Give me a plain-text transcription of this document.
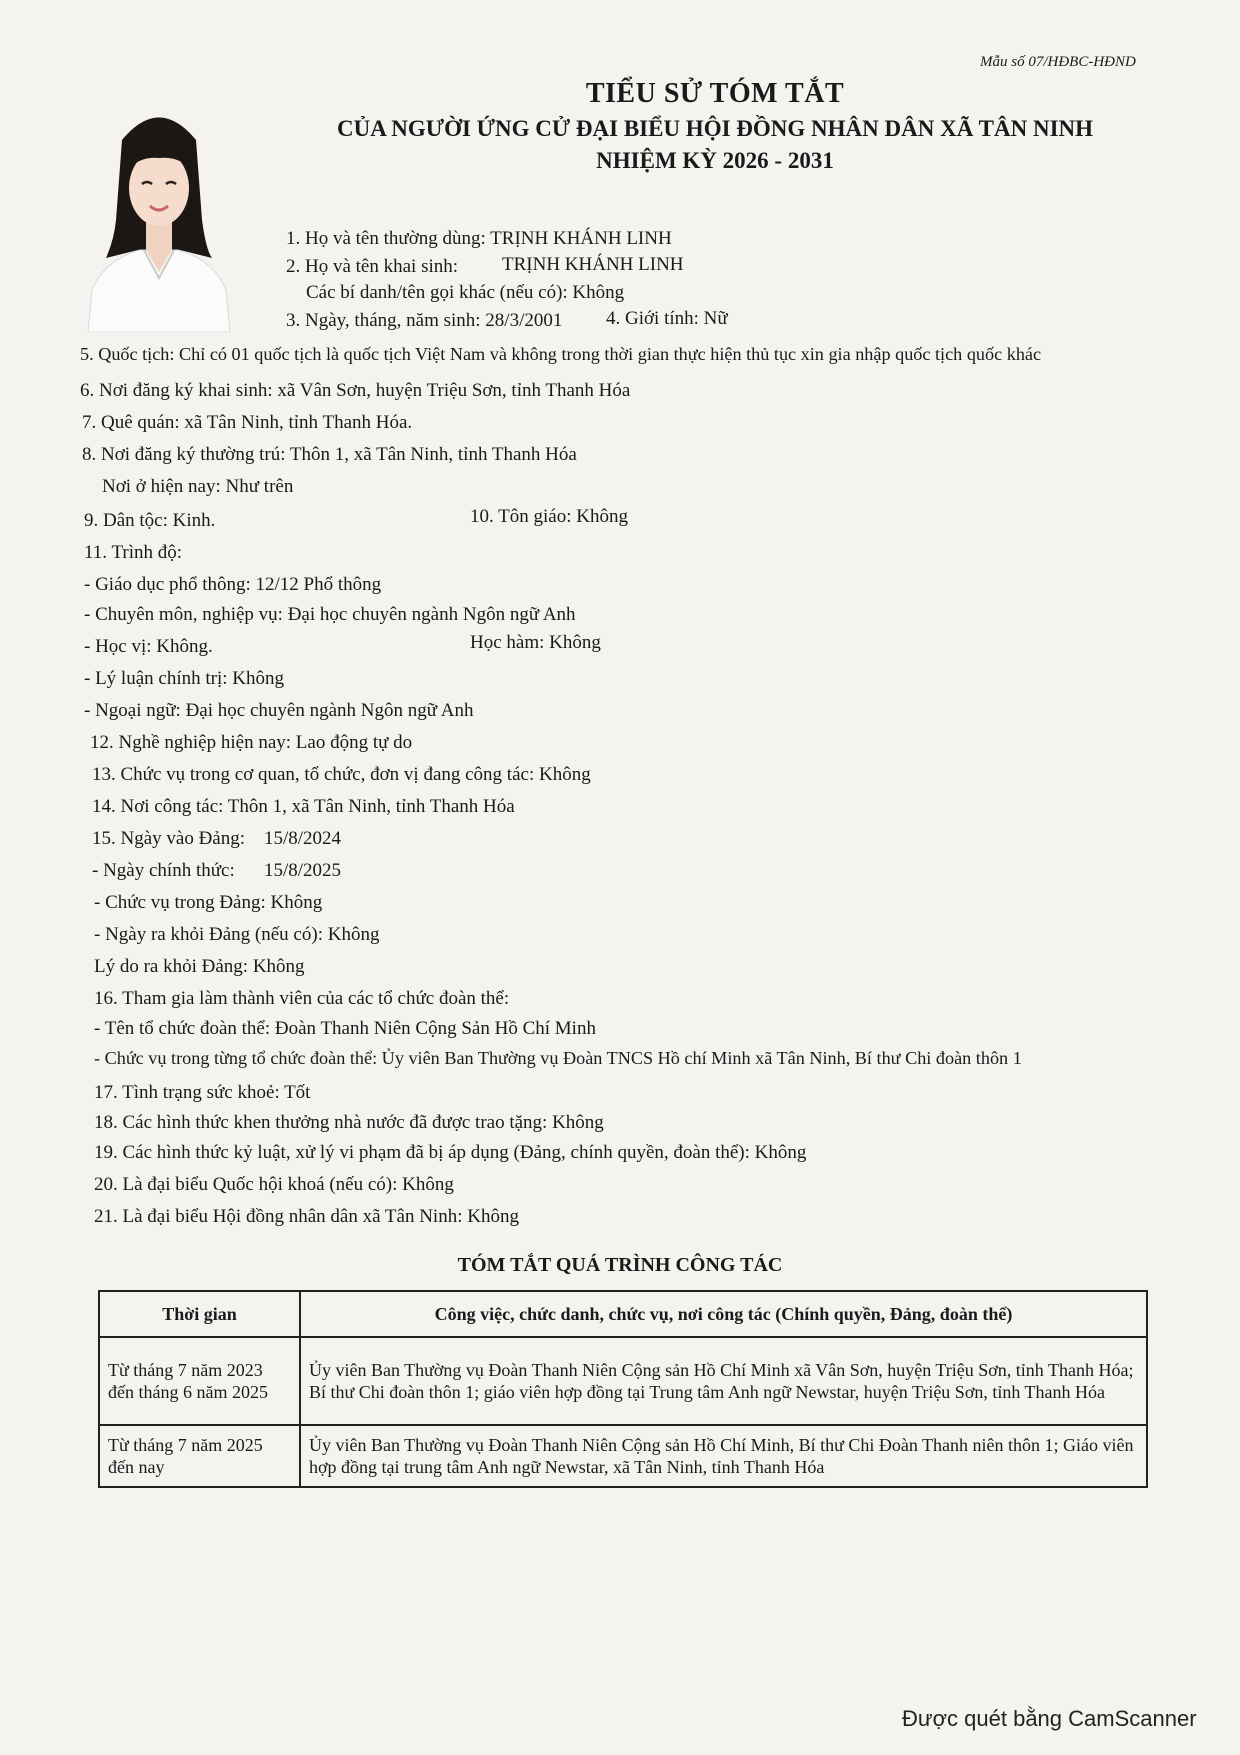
Mẫu số 07/HĐBC-HĐND
TIỂU SỬ TÓM TẮT
CỦA NGƯỜI ỨNG CỬ ĐẠI BIỂU HỘI ĐỒNG NHÂN DÂN XÃ TÂN NINH
NHIỆM KỲ 2026 - 2031
1. Họ và tên thường dùng: TRỊNH KHÁNH LINH
2. Họ và tên khai sinh: TRỊNH KHÁNH LINH
Các bí danh/tên gọi khác (nếu có): Không
3. Ngày, tháng, năm sinh: 28/3/2001 4. Giới tính: Nữ
5. Quốc tịch: Chỉ có 01 quốc tịch là quốc tịch Việt Nam và không trong thời gian thực hiện thủ tục xin gia nhập quốc tịch quốc khác
6. Nơi đăng ký khai sinh: xã Vân Sơn, huyện Triệu Sơn, tỉnh Thanh Hóa
7. Quê quán: xã Tân Ninh, tỉnh Thanh Hóa.
8. Nơi đăng ký thường trú: Thôn 1, xã Tân Ninh, tỉnh Thanh Hóa
Nơi ở hiện nay: Như trên
9. Dân tộc: Kinh.	10. Tôn giáo: Không
11. Trình độ:
- Giáo dục phổ thông: 12/12 Phổ thông
- Chuyên môn, nghiệp vụ: Đại học chuyên ngành Ngôn ngữ Anh
- Học vị: Không.	Học hàm: Không
- Lý luận chính trị: Không
- Ngoại ngữ: Đại học chuyên ngành Ngôn ngữ Anh
12. Nghề nghiệp hiện nay: Lao động tự do
13. Chức vụ trong cơ quan, tổ chức, đơn vị đang công tác: Không
14. Nơi công tác: Thôn 1, xã Tân Ninh, tỉnh Thanh Hóa
15. Ngày vào Đảng: 15/8/2024
- Ngày chính thức: 15/8/2025
- Chức vụ trong Đảng: Không
- Ngày ra khỏi Đảng (nếu có): Không
Lý do ra khỏi Đảng: Không
16. Tham gia làm thành viên của các tổ chức đoàn thể:
- Tên tổ chức đoàn thể: Đoàn Thanh Niên Cộng Sản Hồ Chí Minh
- Chức vụ trong từng tổ chức đoàn thể: Ủy viên Ban Thường vụ Đoàn TNCS Hồ chí Minh xã Tân Ninh, Bí thư Chi đoàn thôn 1
17. Tình trạng sức khoẻ: Tốt
18. Các hình thức khen thưởng nhà nước đã được trao tặng: Không
19. Các hình thức kỷ luật, xử lý vi phạm đã bị áp dụng (Đảng, chính quyền, đoàn thể): Không
20. Là đại biểu Quốc hội khoá (nếu có): Không
21. Là đại biểu Hội đồng nhân dân xã Tân Ninh: Không
TÓM TẮT QUÁ TRÌNH CÔNG TÁC
Thời gian	Công việc, chức danh, chức vụ, nơi công tác (Chính quyền, Đảng, đoàn thể)
Từ tháng 7 năm 2023 đến tháng 6 năm 2025	Ủy viên Ban Thường vụ Đoàn Thanh Niên Cộng sản Hồ Chí Minh xã Vân Sơn, huyện Triệu Sơn, tỉnh Thanh Hóa; Bí thư Chi đoàn thôn 1; giáo viên hợp đồng tại Trung tâm Anh ngữ Newstar, huyện Triệu Sơn, tỉnh Thanh Hóa
Từ tháng 7 năm 2025 đến nay	Ủy viên Ban Thường vụ Đoàn Thanh Niên Cộng sản Hồ Chí Minh, Bí thư Chi Đoàn Thanh niên thôn 1; Giáo viên hợp đồng tại trung tâm Anh ngữ Newstar, xã Tân Ninh, tỉnh Thanh Hóa
Được quét bằng CamScanner
